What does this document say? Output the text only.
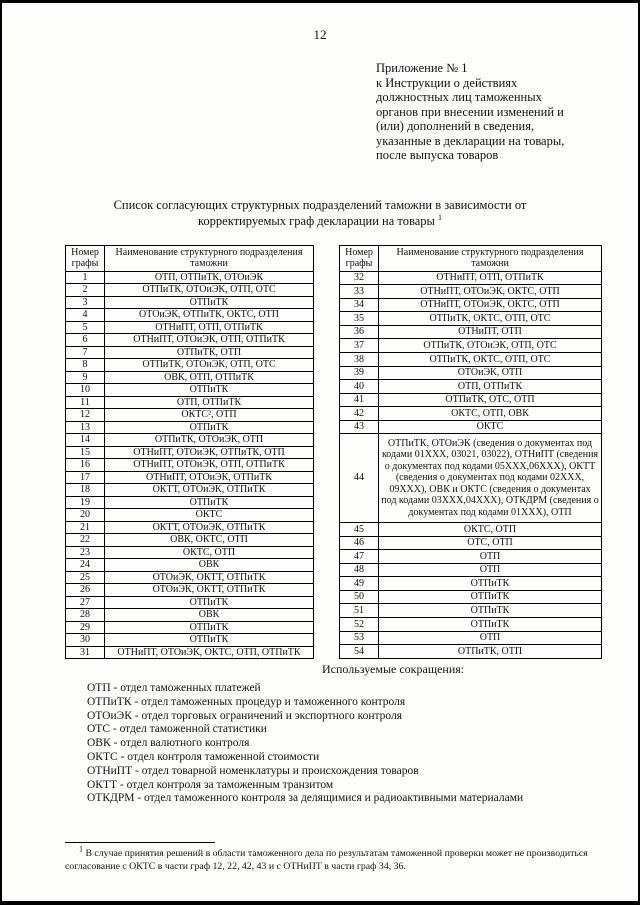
12
Приложение № 1
к Инструкции о действиях
должностных лиц таможенных
органов при внесении изменений и
(или) дополнений в сведения,
указанные в декларации на товары,
после выпуска товаров
Список согласующих структурных подразделений таможни в зависимости от корректируемых граф декларации на товары $^1$
Номер графы	Наименование структурного подразделения таможни
1	ОТП, ОТПиТК, ОТОиЭК
2	ОТПиТК, ОТОиЭК, ОТП, ОТС
3	ОТПиТК
4	ОТОиЭК, ОТПиТК, ОКТС, ОТП
5	ОТНиПТ, ОТП, ОТПиТК
6	ОТНиПТ, ОТОиЭК, ОТП, ОТПиТК
7	ОТПиТК, ОТП
8	ОТПиТК, ОТОиЭК, ОТП, ОТС
9	ОВК, ОТП, ОТПиТК
10	ОТПиТК
11	ОТП, ОТПиТК
12	ОКТС², ОТП
13	ОТПиТК
14	ОТПиТК, ОТОиЭК, ОТП
15	ОТНиПТ, ОТОиЭК, ОТПиТК, ОТП
16	ОТНиПТ, ОТОиЭК, ОТП, ОТПиТК
17	ОТНиПТ, ОТОиЭК, ОТПиТК
18	ОКТТ, ОТОиЭК, ОТПиТК
19	ОТПиТК
20	ОКТС
21	ОКТТ, ОТОиЭК, ОТПиТК
22	ОВК, ОКТС, ОТП
23	ОКТС, ОТП
24	ОВК
25	ОТОиЭК, ОКТТ, ОТПиТК
26	ОТОиЭК, ОКТТ, ОТПиТК
27	ОТПиТК
28	ОВК
29	ОТПиТК
30	ОТПиТК
31	ОТНиПТ, ОТОиЭК, ОКТС, ОТП, ОТПиТК
Номер графы	Наименование структурного подразделения таможни
32	ОТНиПТ, ОТП, ОТПиТК
33	ОТНиПТ, ОТОиЭК, ОКТС, ОТП
34	ОТНиПТ, ОТОиЭК, ОКТС, ОТП
35	ОТПиТК, ОКТС, ОТП, ОТС
36	ОТНиПТ, ОТП
37	ОТПиТК, ОТОиЭК, ОТП, ОТС
38	ОТПиТК, ОКТС, ОТП, ОТС
39	ОТОиЭК, ОТП
40	ОТП, ОТПиТК
41	ОТПиТК, ОТС, ОТП
42	ОКТС, ОТП, ОВК
43	ОКТС
44	ОТПиТК, ОТОиЭК (сведения о документах под кодами 01ХХХ, 03021, 03022), ОТНиПТ (сведения о документах под кодами 05ХХХ,06ХХХ), ОКТТ (сведения о документах под кодами 02ХХХ, 09ХХХ), ОВК и ОКТС (сведения о документах под кодами 03ХХХ,04ХХХ), ОТКДРМ (сведения о документах под кодами 01ХХХ), ОТП
45	ОКТС, ОТП
46	ОТС, ОТП
47	ОТП
48	ОТП
49	ОТПиТК
50	ОТПиТК
51	ОТПиТК
52	ОТПиТК
53	ОТП
54	ОТПиТК, ОТП
Используемые сокращения:
ОТП - отдел таможенных платежей
ОТПиТК - отдел таможенных процедур и таможенного контроля
ОТОиЭК - отдел торговых ограничений и экспортного контроля
ОТС - отдел таможенной статистики
ОВК - отдел валютного контроля
ОКТС - отдел контроля таможенной стоимости
ОТНиПТ - отдел товарной номенклатуры и происхождения товаров
ОКТТ - отдел контроля за таможенным транзитом
ОТКДРМ - отдел таможенного контроля за делящимися и радиоактивными материалами
$^1$ В случае принятия решений в области таможенного дела по результатам таможенной проверки может не производиться согласование с ОКТС в части граф 12, 22, 42, 43 и с ОТНиПТ в части граф 34, 36.
